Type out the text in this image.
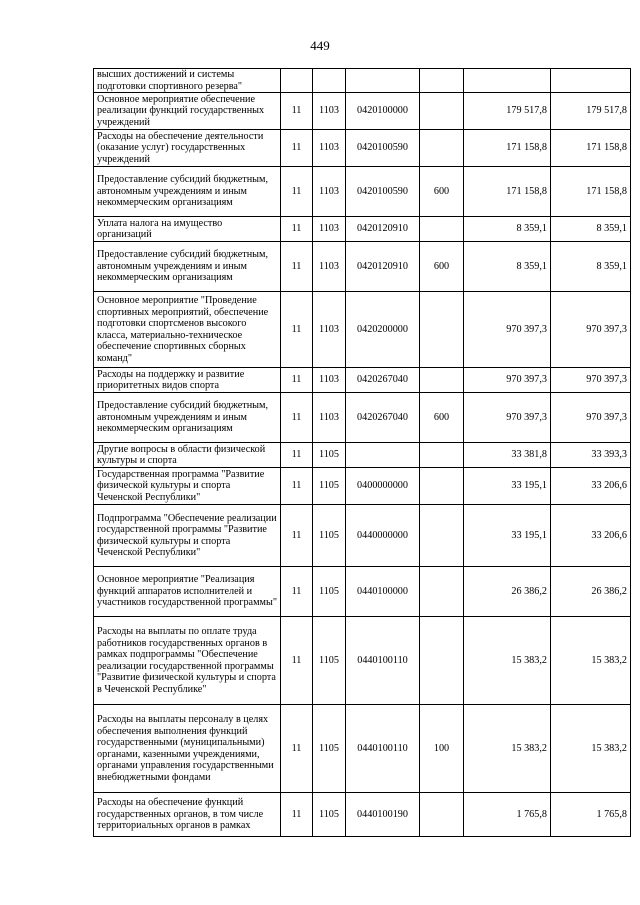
449
высших достижений и системы подготовки спортивного резерва"						
Основное мероприятие обеспечение реализации функций государственных учреждений	11	1103	0420100000		179 517,8	179 517,8
Расходы на обеспечение деятельности (оказание услуг) государственных учреждений	11	1103	0420100590		171 158,8	171 158,8
Предоставление субсидий бюджетным, автономным учреждениям и иным некоммерческим организациям	11	1103	0420100590	600	171 158,8	171 158,8
Уплата налога на имущество организаций	11	1103	0420120910		8 359,1	8 359,1
Предоставление субсидий бюджетным, автономным учреждениям и иным некоммерческим организациям	11	1103	0420120910	600	8 359,1	8 359,1
Основное мероприятие "Проведение спортивных мероприятий, обеспечение подготовки спортсменов высокого класса, материально-техническое обеспечение спортивных сборных команд"	11	1103	0420200000		970 397,3	970 397,3
Расходы на поддержку и развитие приоритетных видов спорта	11	1103	0420267040		970 397,3	970 397,3
Предоставление субсидий бюджетным, автономным учреждениям и иным некоммерческим организациям	11	1103	0420267040	600	970 397,3	970 397,3
Другие вопросы в области физической культуры и спорта	11	1105			33 381,8	33 393,3
Государственная программа "Развитие физической культуры и спорта Чеченской Республики"	11	1105	0400000000		33 195,1	33 206,6
Подпрограмма "Обеспечение реализации государственной программы "Развитие физической культуры и спорта Чеченской Республики"	11	1105	0440000000		33 195,1	33 206,6
Основное мероприятие "Реализация функций аппаратов исполнителей и участников государственной программы"	11	1105	0440100000		26 386,2	26 386,2
Расходы на выплаты по оплате труда работников государственных органов в рамках подпрограммы "Обеспечение реализации государственной программы "Развитие физической культуры и спорта в Чеченской Республике"	11	1105	0440100110		15 383,2	15 383,2
Расходы на выплаты персоналу в целях обеспечения выполнения функций государственными (муниципальными) органами, казенными учреждениями, органами управления государственными внебюджетными фондами	11	1105	0440100110	100	15 383,2	15 383,2
Расходы на обеспечение функций государственных органов, в том числе территориальных органов в рамках	11	1105	0440100190		1 765,8	1 765,8
